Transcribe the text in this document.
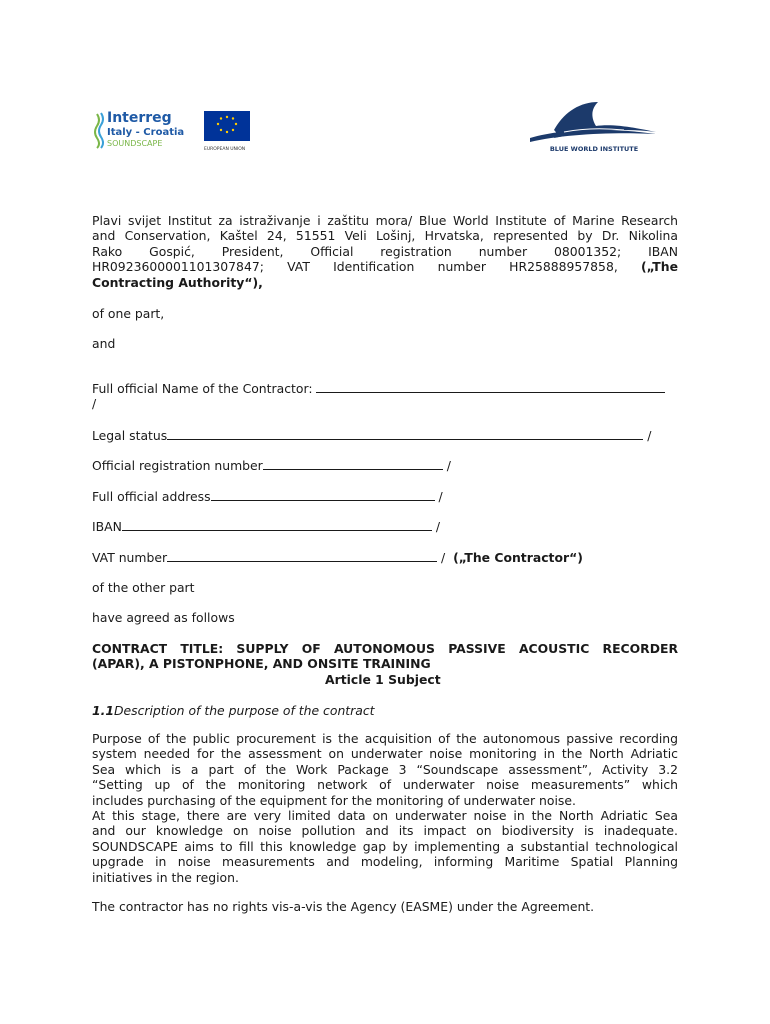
Interreg
Italy - Croatia
SOUNDSCAPE
EUROPEAN UNION	BLUE WORLD INSTITUTE
Plavi svijet Institut za istraživanje i zaštitu mora/ Blue World Institute of Marine Research
and Conservation, Kaštel 24, 51551 Veli Lošinj, Hrvatska, represented by Dr. Nikolina
Rako Gospić, President, Official registration number 08001352; IBAN
HR0923600001101307847; VAT Identification number HR25888957858, („The
Contracting Authority“),
of one part,
and
Full official Name of the Contractor:
/
Legal status	/
Official registration number	/
Full official address	/
IBAN	/
VAT number	/ („The Contractor“)
of the other part
have agreed as follows
CONTRACT TITLE: SUPPLY OF AUTONOMOUS PASSIVE ACOUSTIC RECORDER
(APAR), A PISTONPHONE, AND ONSITE TRAINING
Article 1 Subject
1.1Description of the purpose of the contract
Purpose of the public procurement is the acquisition of the autonomous passive recording
system needed for the assessment on underwater noise monitoring in the North Adriatic
Sea which is a part of the Work Package 3 “Soundscape assessment”, Activity 3.2
“Setting up of the monitoring network of underwater noise measurements” which
includes purchasing of the equipment for the monitoring of underwater noise.
At this stage, there are very limited data on underwater noise in the North Adriatic Sea
and our knowledge on noise pollution and its impact on biodiversity is inadequate.
SOUNDSCAPE aims to fill this knowledge gap by implementing a substantial technological
upgrade in noise measurements and modeling, informing Maritime Spatial Planning
initiatives in the region.
The contractor has no rights vis-a-vis the Agency (EASME) under the Agreement.
